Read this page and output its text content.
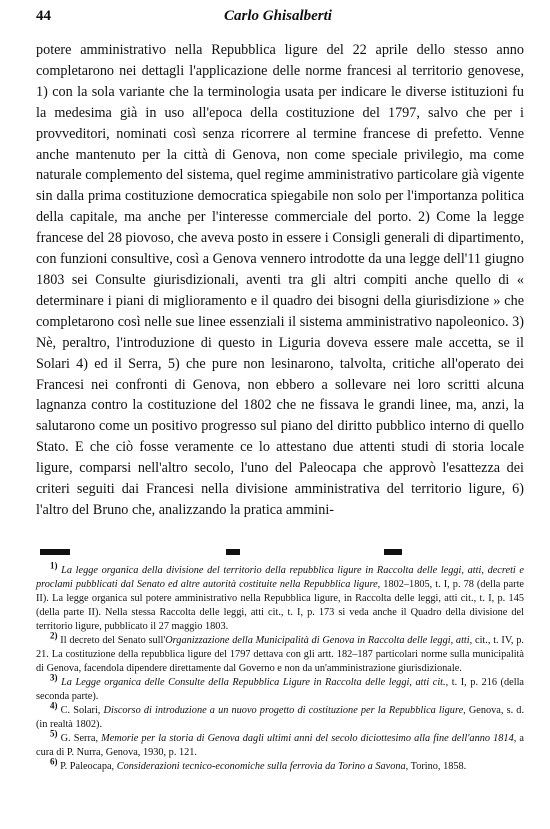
44	Carlo Ghisalberti

potere amministrativo nella Repubblica ligure del 22 aprile dello stesso anno completarono nei dettagli l'applicazione delle norme francesi al territorio genovese, 1) con la sola variante che la terminologia usata per indicare le diverse istituzioni fu la medesima già in uso all'epoca della costituzione del 1797, salvo che per i provveditori, nominati così senza ricorrere al termine francese di prefetto. Venne anche mantenuto per la città di Genova, non come speciale privilegio, ma come naturale complemento del sistema, quel regime amministrativo particolare già vigente sin dalla prima costituzione democratica spiegabile non solo per l'importanza politica della capitale, ma anche per l'interesse commerciale del porto. 2) Come la legge francese del 28 piovoso, che aveva posto in essere i Consigli generali di dipartimento, con funzioni consultive, così a Genova vennero introdotte da una legge dell'11 giugno 1803 sei Consulte giurisdizionali, aventi tra gli altri compiti anche quello di « determinare i piani di miglioramento e il quadro dei bisogni della giurisdizione » che completarono così nelle sue linee essenziali il sistema amministrativo napoleonico. 3) Nè, peraltro, l'introduzione di questo in Liguria doveva essere male accetta, se il Solari 4) ed il Serra, 5) che pure non lesinarono, talvolta, critiche all'operato dei Francesi nei confronti di Genova, non ebbero a sollevare nei loro scritti alcuna lagnanza contro la costituzione del 1802 che ne fissava le grandi linee, ma, anzi, la salutarono come un positivo progresso sul piano del diritto pubblico interno di quello Stato. E che ciò fosse veramente ce lo attestano due attenti studi di storia locale ligure, comparsi nell'altro secolo, l'uno del Paleocapa che approvò l'esattezza dei criteri seguiti dai Francesi nella divisione amministrativa del territorio ligure, 6) l'altro del Bruno che, analizzando la pratica ammini-

1) La legge organica della divisione del territorio della repubblica ligure in Raccolta delle leggi, atti, decreti e proclami pubblicati dal Senato ed altre autorità costituite nella Repubblica ligure, 1802–1805, t. I, p. 78 (della parte II). La legge organica sul potere amministrativo nella Repubblica ligure, in Raccolta delle leggi, atti cit., t. I, p. 145 (della parte II). Nella stessa Raccolta delle leggi, atti cit., t. I, p. 173 si veda anche il Quadro della divisione del territorio ligure, pubblicato il 27 maggio 1803.

2) Il decreto del Senato sull'Organizzazione della Municipalità di Genova in Raccolta delle leggi, atti, cit., t. IV, p. 21. La costituzione della repubblica ligure del 1797 dettava con gli artt. 182–187 particolari norme sulla municipalità di Genova, facendola dipendere direttamente dal Governo e non da un'amministrazione giurisdizionale.

3) La Legge organica delle Consulte della Repubblica Ligure in Raccolta delle leggi, atti cit., t. I, p. 216 (della seconda parte).

4) C. Solari, Discorso di introduzione a un nuovo progetto di costituzione per la Repubblica ligure, Genova, s. d. (in realtà 1802).

5) G. Serra, Memorie per la storia di Genova dagli ultimi anni del secolo diciottesimo alla fine dell'anno 1814, a cura di P. Nurra, Genova, 1930, p. 121.

6) P. Paleocapa, Considerazioni tecnico-economiche sulla ferrovia da Torino a Savona, Torino, 1858.
